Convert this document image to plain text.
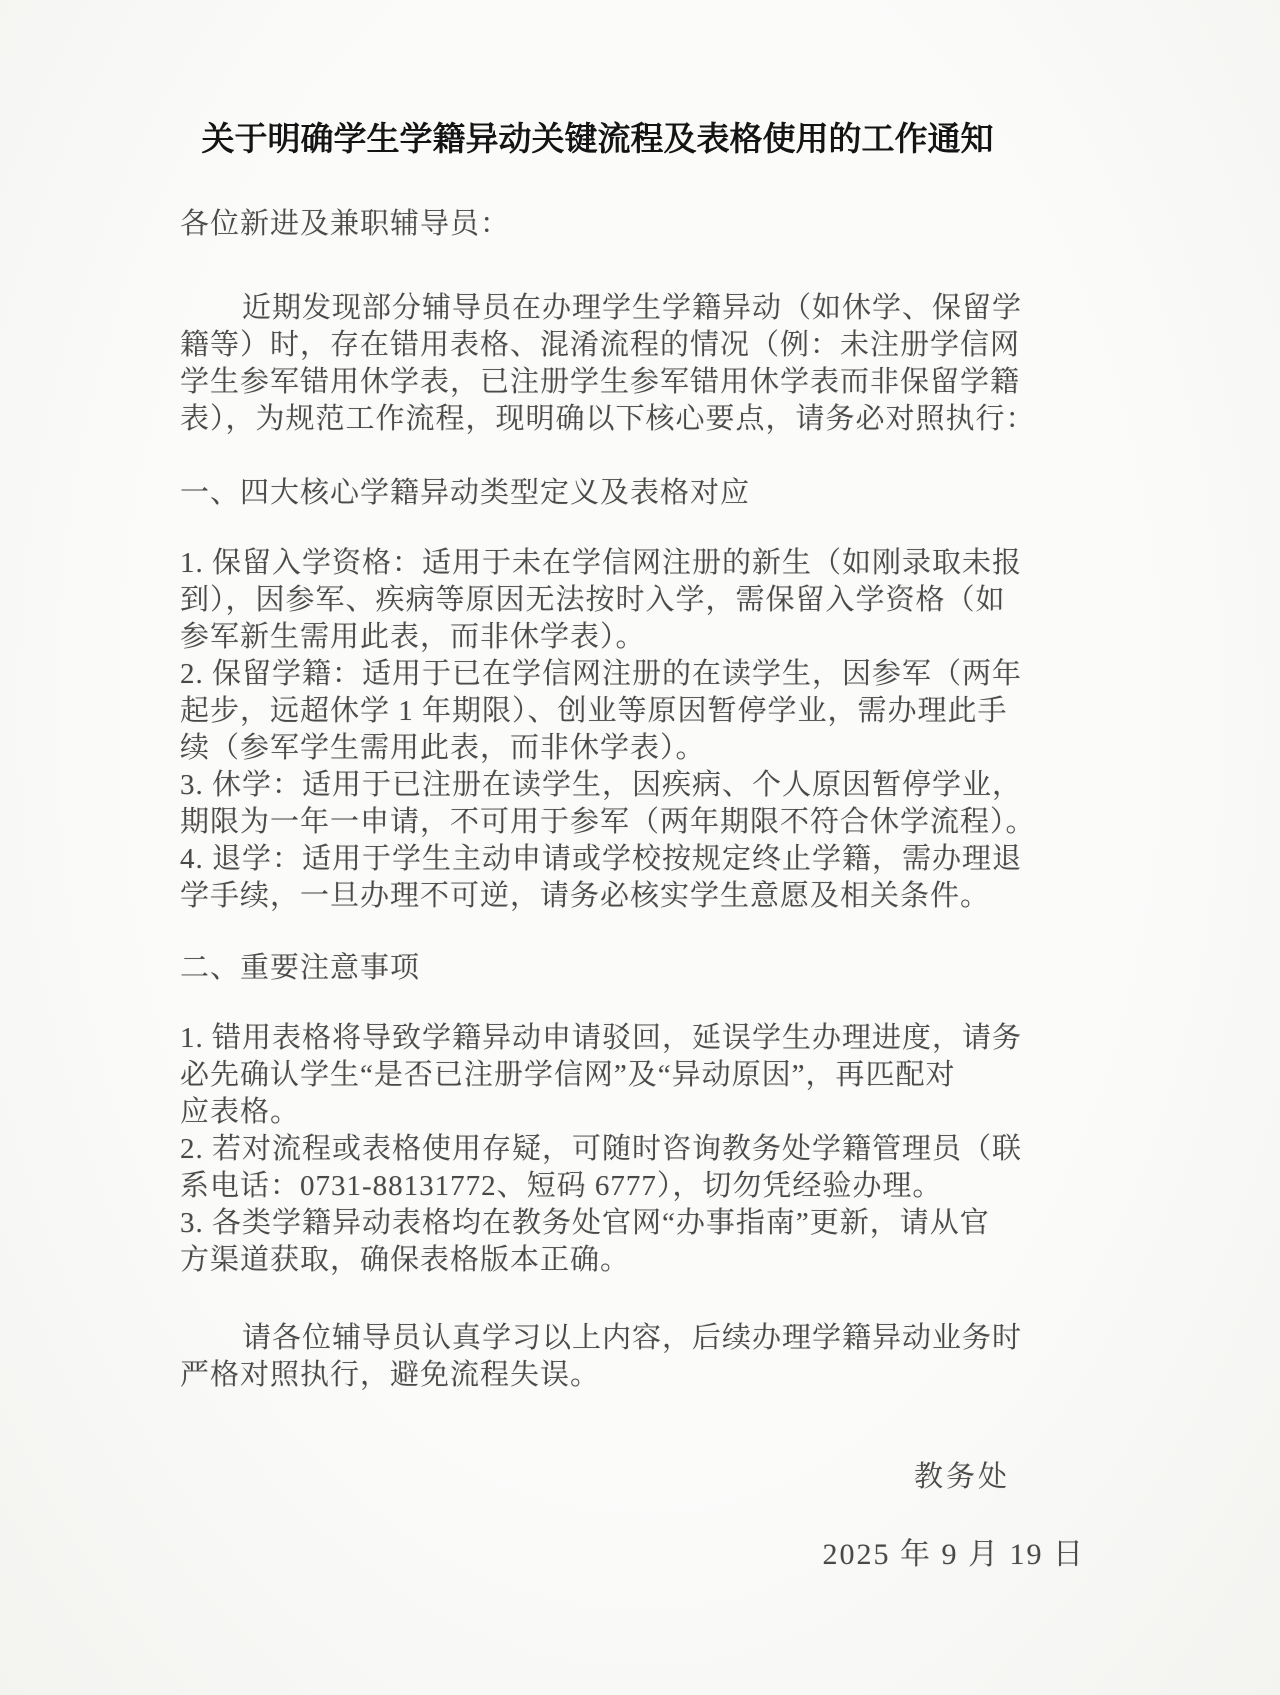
关于明确学生学籍异动关键流程及表格使用的工作通知
各位新进及兼职辅导员：
近期发现部分辅导员在办理学生学籍异动（如休学、保留学
籍等）时，存在错用表格、混淆流程的情况（例：未注册学信网
学生参军错用休学表，已注册学生参军错用休学表而非保留学籍
表），为规范工作流程，现明确以下核心要点，请务必对照执行：
一、四大核心学籍异动类型定义及表格对应
1. 保留入学资格：适用于未在学信网注册的新生（如刚录取未报
到），因参军、疾病等原因无法按时入学，需保留入学资格（如
参军新生需用此表，而非休学表）。
2. 保留学籍：适用于已在学信网注册的在读学生，因参军（两年
起步，远超休学 1 年期限）、创业等原因暂停学业，需办理此手
续（参军学生需用此表，而非休学表）。
3. 休学：适用于已注册在读学生，因疾病、个人原因暂停学业，
期限为一年一申请，不可用于参军（两年期限不符合休学流程）。
4. 退学：适用于学生主动申请或学校按规定终止学籍，需办理退
学手续，一旦办理不可逆，请务必核实学生意愿及相关条件。
二、重要注意事项
1. 错用表格将导致学籍异动申请驳回，延误学生办理进度，请务
必先确认学生“是否已注册学信网”及“异动原因”，再匹配对
应表格。
2. 若对流程或表格使用存疑，可随时咨询教务处学籍管理员（联
系电话：0731-88131772、短码 6777），切勿凭经验办理。
3. 各类学籍异动表格均在教务处官网“办事指南”更新，请从官
方渠道获取，确保表格版本正确。
请各位辅导员认真学习以上内容，后续办理学籍异动业务时
严格对照执行，避免流程失误。
教务处
2025 年 9 月 19 日
